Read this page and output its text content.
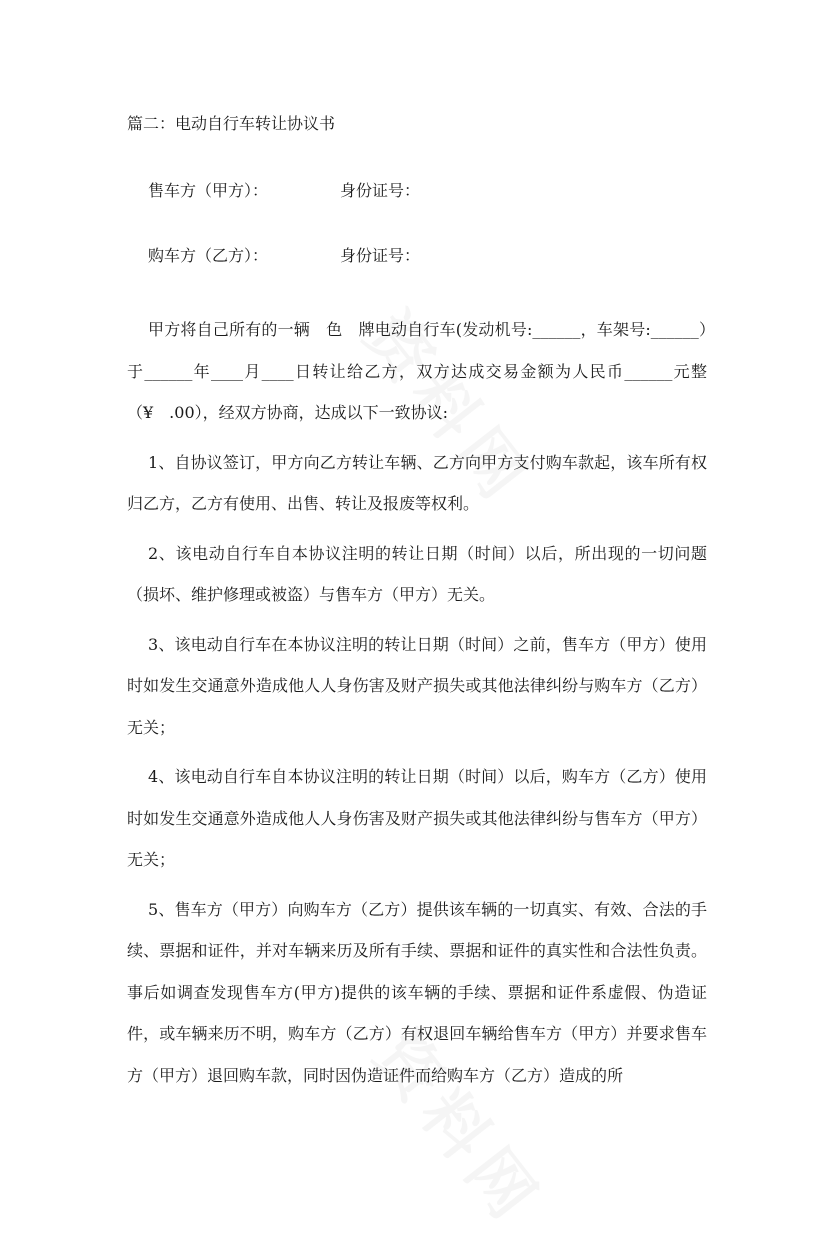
篇二：电动自行车转让协议书
售车方（甲方）：	身份证号：
购车方（乙方）：	身份证号：

甲方将自己所有的一辆　色　牌电动自行车(发动机号:______，车架号:______）于______年____月____日转让给乙方，双方达成交易金额为人民币______元整（¥　.00），经双方协商，达成以下一致协议:

1、自协议签订，甲方向乙方转让车辆、乙方向甲方支付购车款起，该车所有权归乙方，乙方有使用、出售、转让及报废等权利。

2、该电动自行车自本协议注明的转让日期（时间）以后，所出现的一切问题（损坏、维护修理或被盗）与售车方（甲方）无关。

3、该电动自行车在本协议注明的转让日期（时间）之前，售车方（甲方）使用时如发生交通意外造成他人人身伤害及财产损失或其他法律纠纷与购车方（乙方）无关；

4、该电动自行车自本协议注明的转让日期（时间）以后，购车方（乙方）使用时如发生交通意外造成他人人身伤害及财产损失或其他法律纠纷与售车方（甲方）无关；

5、售车方（甲方）向购车方（乙方）提供该车辆的一切真实、有效、合法的手续、票据和证件，并对车辆来历及所有手续、票据和证件的真实性和合法性负责。事后如调查发现售车方(甲方)提供的该车辆的手续、票据和证件系虚假、伪造证件，或车辆来历不明，购车方（乙方）有权退回车辆给售车方（甲方）并要求售车方（甲方）退回购车款，同时因伪造证件而给购车方（乙方）造成的所
